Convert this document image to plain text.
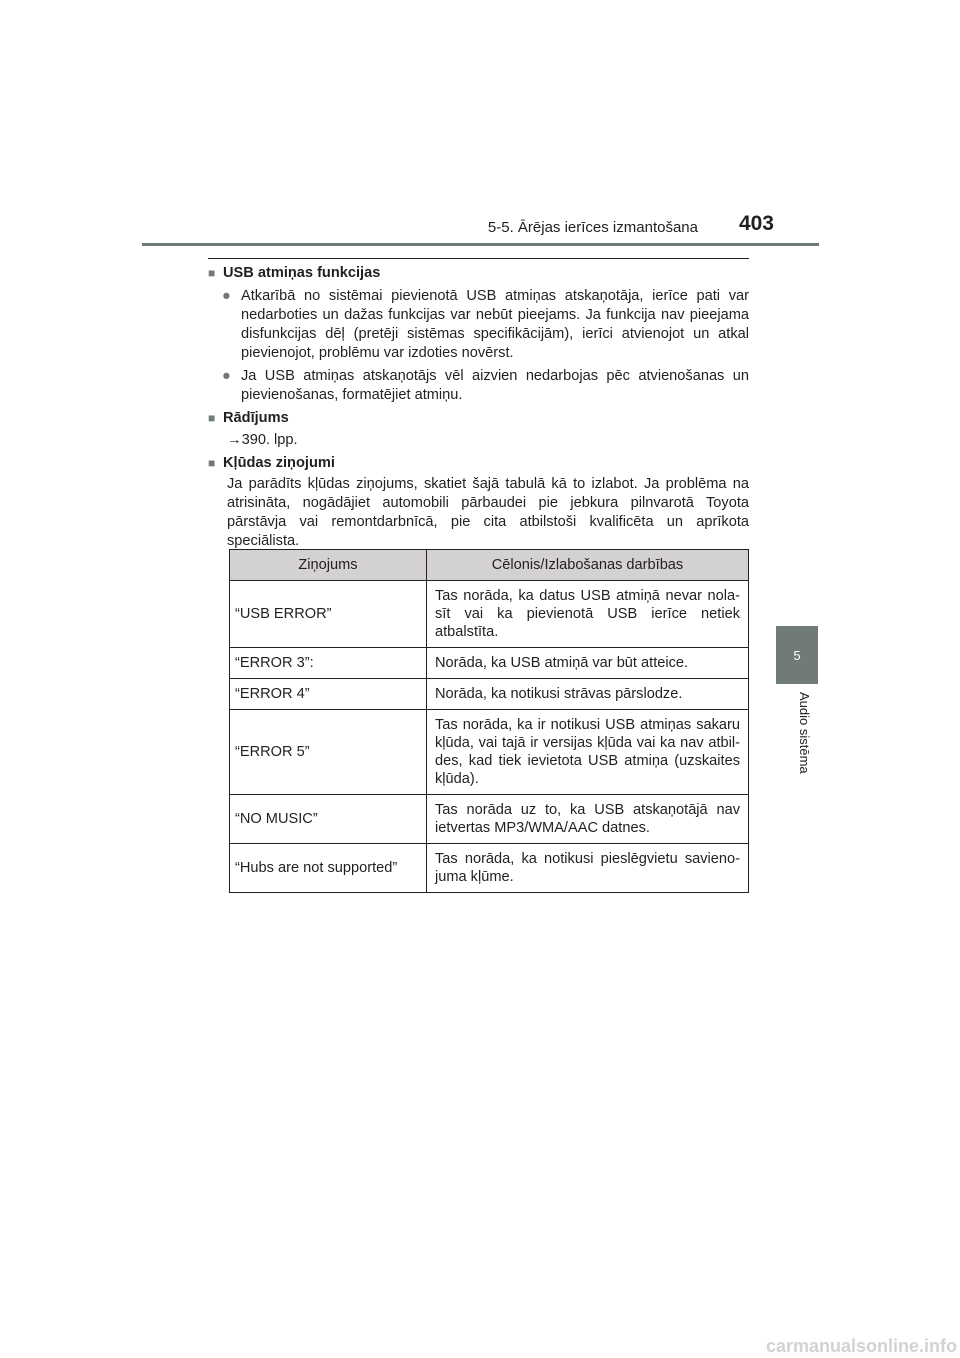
5-5. Ārējas ierīces izmantošana	403
5
Audio sistēma
■ USB atmiņas funkcijas
● Atkarībā no sistēmai pievienotā USB atmiņas atskaņotāja, ierīce pati var nedarboties un dažas funkcijas var nebūt pieejams. Ja funkcija nav pieejama disfunkcijas dēļ (pretēji sistēmas specifikācijām), ierīci atvienojot un atkal pievienojot, problēmu var izdoties novērst.
● Ja USB atmiņas atskaņotājs vēl aizvien nedarbojas pēc atvienošanas un pievienošanas, formatējiet atmiņu.
■ Rādījums
→390. lpp.
■ Kļūdas ziņojumi
Ja parādīts kļūdas ziņojums, skatiet šajā tabulā kā to izlabot. Ja problēma na atrisināta, nogādājiet automobili pārbaudei pie jebkura pilnvarotā Toyota pārstāvja vai remontdarbnīcā, pie cita atbilstoši kvalificēta un aprīkota speciālista.
Ziņojums	Cēlonis/Izlabošanas darbības
“USB ERROR”	Tas norāda, ka datus USB atmiņā nevar nola-sīt vai ka pievienotā USB ierīce netiek atbalstīta.
“ERROR 3”:	Norāda, ka USB atmiņā var būt atteice.
“ERROR 4”	Norāda, ka notikusi strāvas pārslodze.
“ERROR 5”	Tas norāda, ka ir notikusi USB atmiņas sakaru kļūda, vai tajā ir versijas kļūda vai ka nav atbil-des, kad tiek ievietota USB atmiņa (uzskaites kļūda).
“NO MUSIC”	Tas norāda uz to, ka USB atskaņotājā nav ietvertas MP3/WMA/AAC datnes.
“Hubs are not supported”	Tas norāda, ka notikusi pieslēgvietu savieno-juma kļūme.
carmanualsonline.info
